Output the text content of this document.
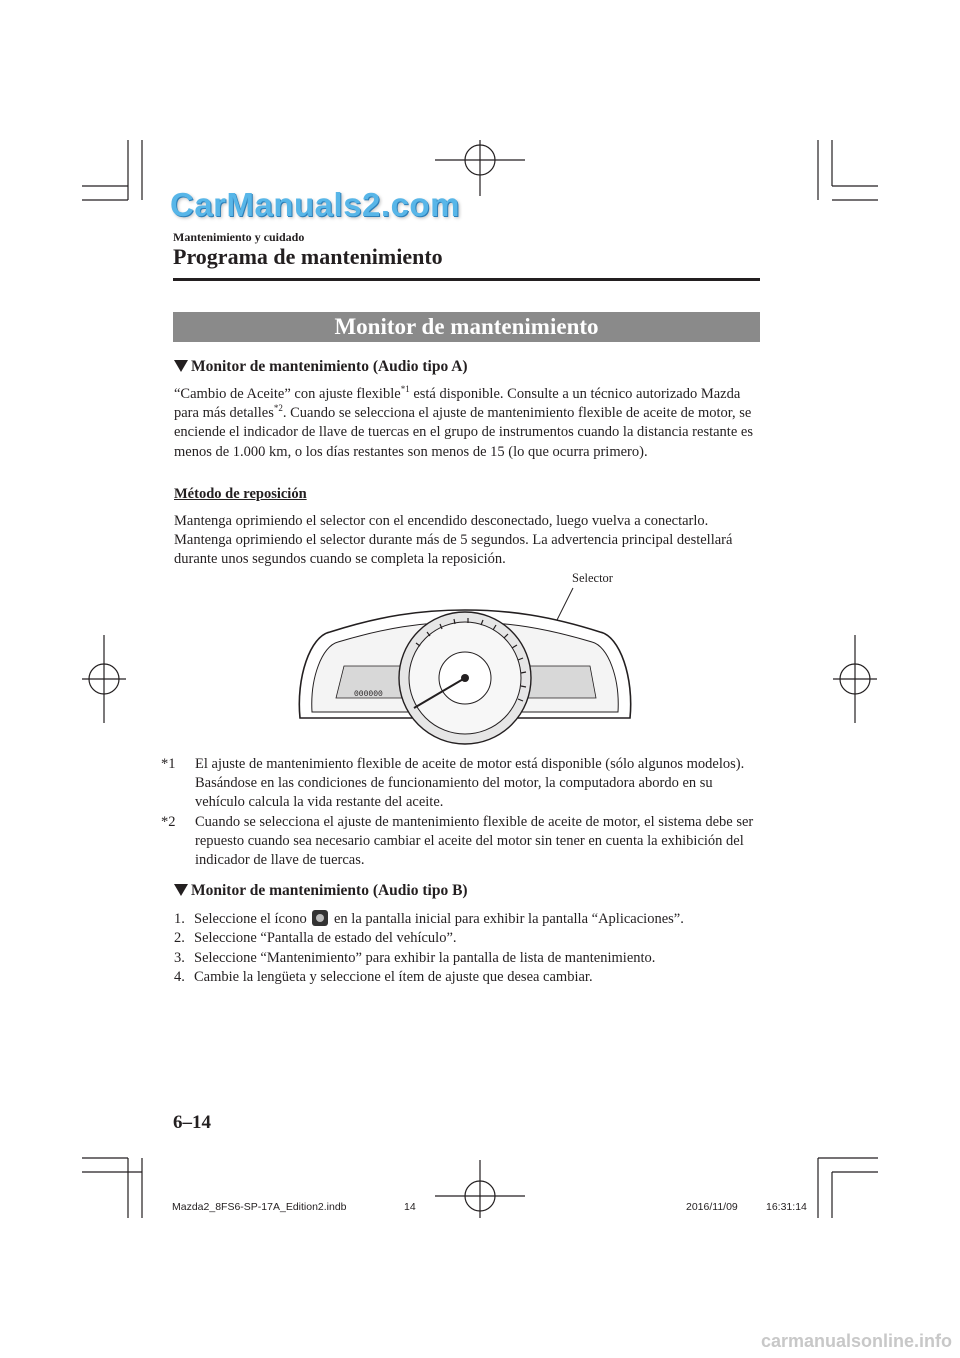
CarManuals2.com
Mantenimiento y cuidado
Programa de mantenimiento
Monitor de mantenimiento
Monitor de mantenimiento (Audio tipo A)

“Cambio de Aceite” con ajuste flexible$^{*1}$ está disponible. Consulte a un técnico autorizado Mazda para más detalles$^{*2}$. Cuando se selecciona el ajuste de mantenimiento flexible de aceite de motor, se enciende el indicador de llave de tuercas en el grupo de instrumentos cuando la distancia restante es menos de 1.000 km, o los días restantes son menos de 15 (lo que ocurra primero).

Método de reposición

Mantenga oprimiendo el selector con el encendido desconectado, luego vuelva a conectarlo. Mantenga oprimiendo el selector durante más de 5 segundos. La advertencia principal destellará durante unos segundos cuando se completa la reposición.

Selector
000000
*1	El ajuste de mantenimiento flexible de aceite de motor está disponible (sólo algunos modelos). Basándose en las condiciones de funcionamiento del motor, la computadora abordo en su vehículo calcula la vida restante del aceite.
*2	Cuando se selecciona el ajuste de mantenimiento flexible de aceite de motor, el sistema debe ser repuesto cuando sea necesario cambiar el aceite del motor sin tener en cuenta la exhibición del indicador de llave de tuercas.
Monitor de mantenimiento (Audio tipo B)
1. Seleccione el ícono  en la pantalla inicial para exhibir la pantalla “Aplicaciones”.
2. Seleccione “Pantalla de estado del vehículo”.
3. Seleccione “Mantenimiento” para exhibir la pantalla de lista de mantenimiento.
4. Cambie la lengüeta y seleccione el ítem de ajuste que desea cambiar.
6–14
Mazda2_8FS6-SP-17A_Edition2.indb	14	2016/11/09	16:31:14
carmanualsonline.info
